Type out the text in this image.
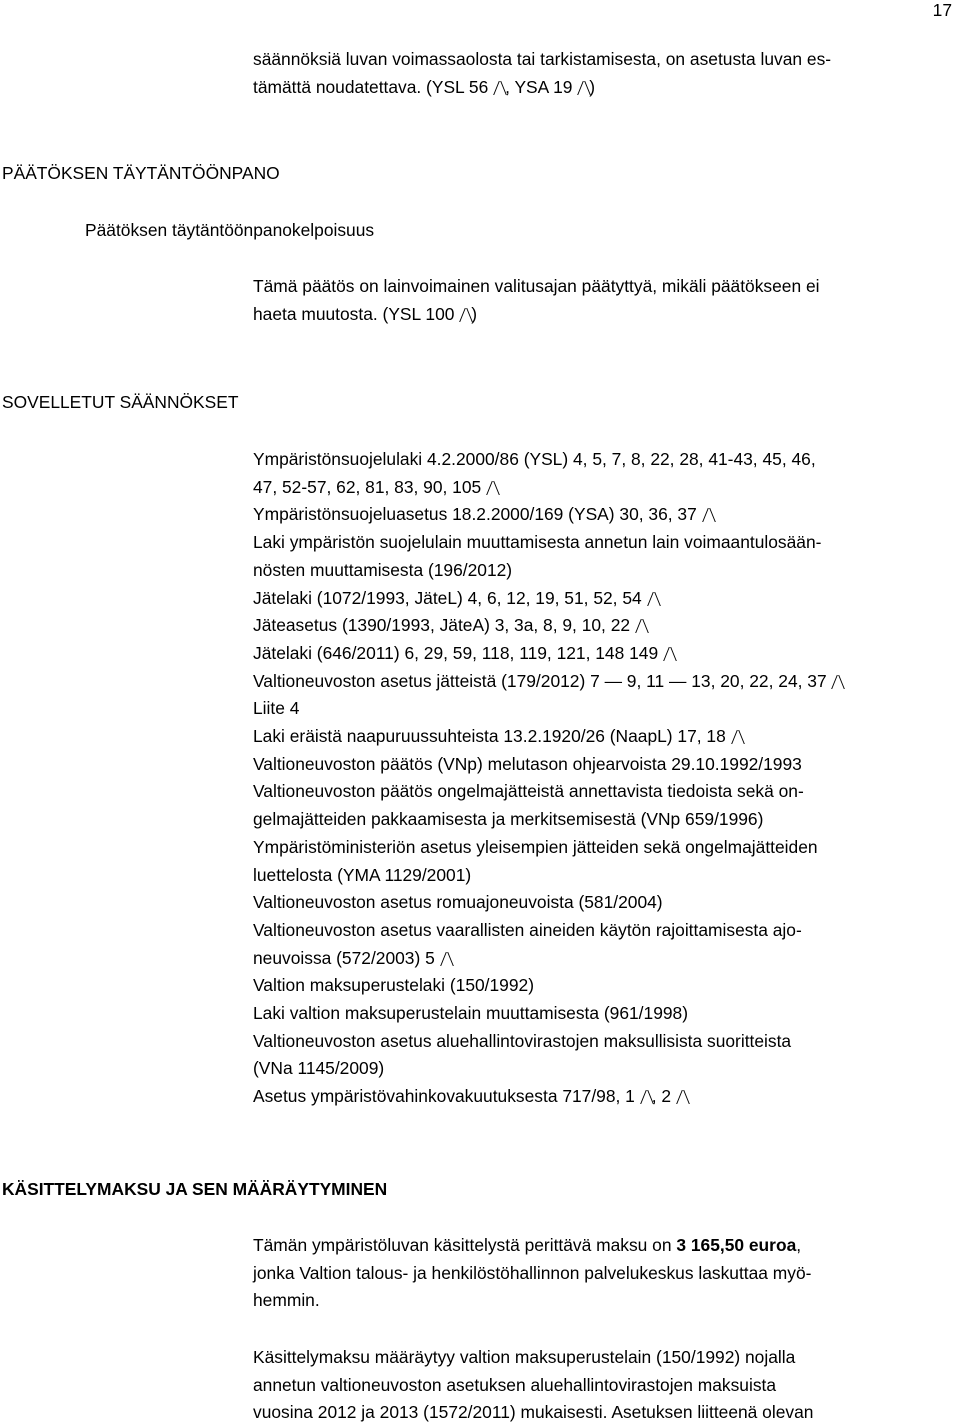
17

säännöksiä luvan voimassaolosta tai tarkistamisesta, on asetusta luvan es-

tämättä noudatettava. (YSL 56 , YSA 19 )

PÄÄTÖKSEN TÄYTÄNTÖÖNPANO
Päätöksen täytäntöönpanokelpoisuus

Tämä päätös on lainvoimainen valitusajan päätyttyä, mikäli päätökseen ei

haeta muutosta. (YSL 100 )

SOVELLETUT SÄÄNNÖKSET

Ympäristönsuojelulaki 4.2.2000/86 (YSL) 4, 5, 7, 8, 22, 28, 41-43, 45, 46,

47, 52-57, 62, 81, 83, 90, 105

Ympäristönsuojeluasetus 18.2.2000/169 (YSA) 30, 36, 37

Laki ympäristön suojelulain muuttamisesta annetun lain voimaantulosään-

nösten muuttamisesta (196/2012)

Jätelaki (1072/1993, JäteL) 4, 6, 12, 19, 51, 52, 54

Jäteasetus (1390/1993, JäteA) 3, 3a, 8, 9, 10, 22

Jätelaki (646/2011) 6, 29, 59, 118, 119, 121, 148 149

Valtioneuvoston asetus jätteistä (179/2012) 7 — 9, 11 — 13, 20, 22, 24, 37

Liite 4

Laki eräistä naapuruussuhteista 13.2.1920/26 (NaapL) 17, 18

Valtioneuvoston päätös (VNp) melutason ohjearvoista 29.10.1992/1993

Valtioneuvoston päätös ongelmajätteistä annettavista tiedoista sekä on-

gelmajätteiden pakkaamisesta ja merkitsemisestä (VNp 659/1996)

Ympäristöministeriön asetus yleisempien jätteiden sekä ongelmajätteiden

luettelosta (YMA 1129/2001)

Valtioneuvoston asetus romuajoneuvoista (581/2004)

Valtioneuvoston asetus vaarallisten aineiden käytön rajoittamisesta ajo-

neuvoissa (572/2003) 5

Valtion maksuperustelaki (150/1992)

Laki valtion maksuperustelain muuttamisesta (961/1998)

Valtioneuvoston asetus aluehallintovirastojen maksullisista suoritteista

(VNa 1145/2009)

Asetus ympäristövahinkovakuutuksesta 717/98, 1 , 2

KÄSITTELYMAKSU JA SEN MÄÄRÄYTYMINEN

Tämän ympäristöluvan käsittelystä perittävä maksu on 3 165,50 euroa,

jonka Valtion talous- ja henkilöstöhallinnon palvelukeskus laskuttaa myö-

hemmin.

Käsittelymaksu määräytyy valtion maksuperustelain (150/1992) nojalla

annetun valtioneuvoston asetuksen aluehallintovirastojen maksuista

vuosina 2012 ja 2013 (1572/2011) mukaisesti. Asetuksen liitteenä olevan
